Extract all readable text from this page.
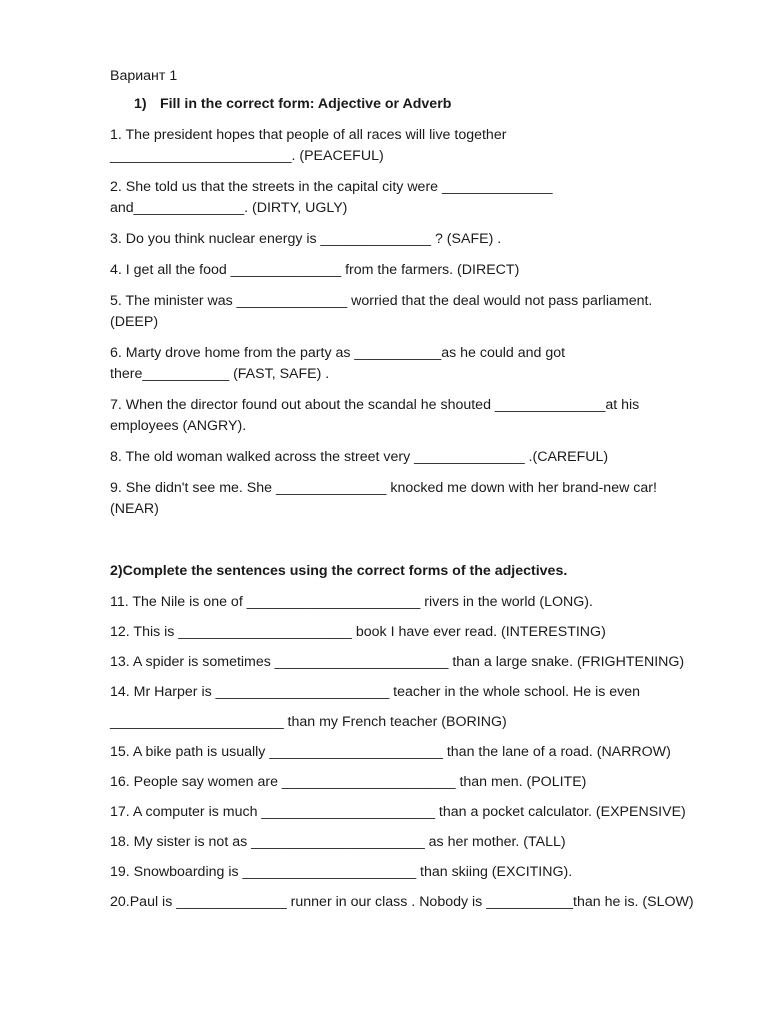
Вариант 1
1) Fill in the correct form: Adjective or Adverb
1. The president hopes that people of all races will live together
_______________________. (PEACEFUL)
2. She told us that the streets in the capital city were ______________
and______________. (DIRTY, UGLY)
3. Do you think nuclear energy is ______________ ? (SAFE) .
4. I get all the food ______________ from the farmers. (DIRECT)
5. The minister was ______________ worried that the deal would not pass parliament.
(DEEP)
6. Marty drove home from the party as ___________as he could and got
there___________ (FAST, SAFE) .
7. When the director found out about the scandal he shouted ______________at his
employees (ANGRY).
8. The old woman walked across the street very ______________ .(CAREFUL)
9. She didn't see me. She ______________ knocked me down with her brand-new car!
(NEAR)
2)Complete the sentences using the correct forms of the adjectives.
11. The Nile is one of ______________________ rivers in the world (LONG).
12. This is ______________________ book I have ever read. (INTERESTING)
13. A spider is sometimes ______________________ than a large snake. (FRIGHTENING)
14. Mr Harper is ______________________ teacher in the whole school. He is even
______________________ than my French teacher (BORING)
15. A bike path is usually ______________________ than the lane of a road. (NARROW)
16. People say women are ______________________ than men. (POLITE)
17. A computer is much ______________________ than a pocket calculator. (EXPENSIVE)
18. My sister is not as ______________________ as her mother. (TALL)
19. Snowboarding is ______________________ than skiing (EXCITING).
20.Paul is ______________ runner in our class . Nobody is ___________than he is. (SLOW)
